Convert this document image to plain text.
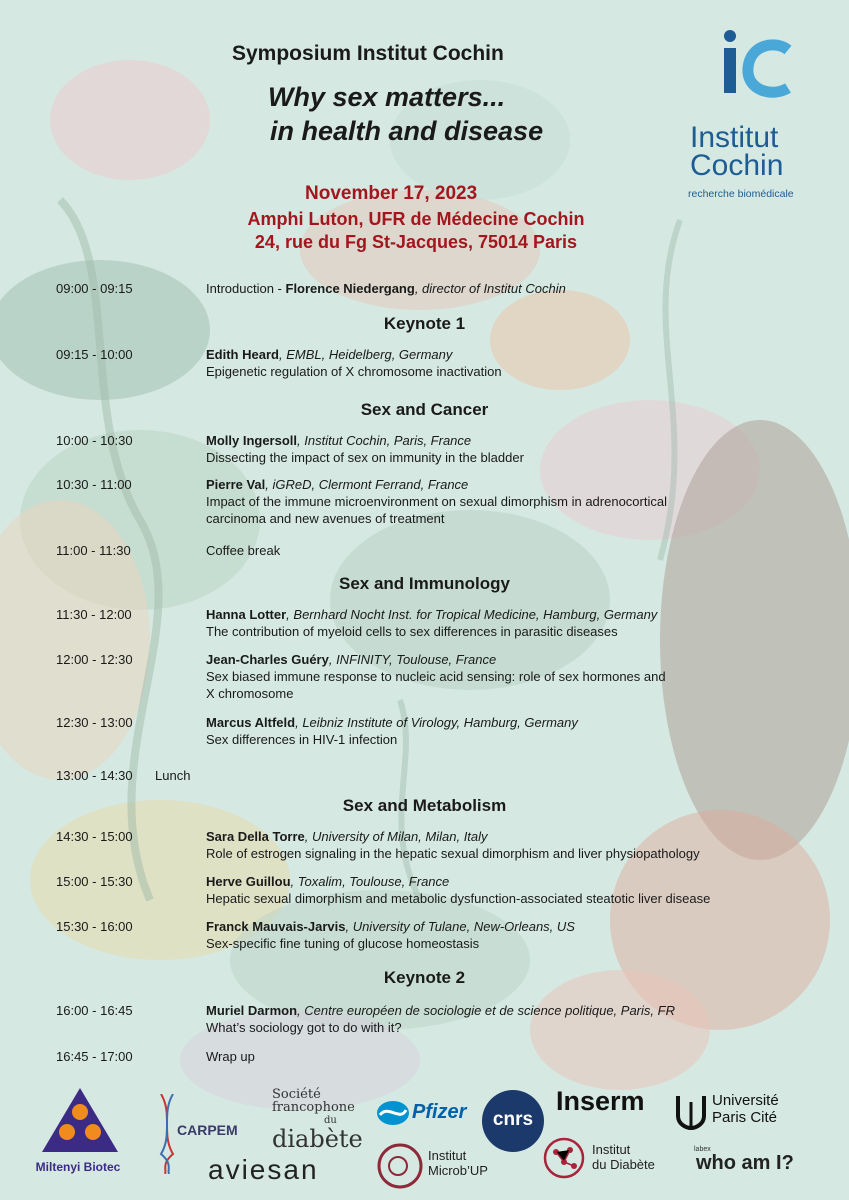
Symposium Institut Cochin
Why sex matters...
in health and disease
November 17, 2023
Amphi Luton, UFR de Médecine Cochin
24, rue du Fg St-Jacques, 75014 Paris
Institut
Cochin
recherche biomédicale
09:00 - 09:15	Introduction - Florence Niedergang, director of Institut Cochin
Keynote 1
09:15 - 10:00	Edith Heard, EMBL, Heidelberg, Germany
Epigenetic regulation of X chromosome inactivation
Sex and Cancer
10:00 - 10:30	Molly Ingersoll, Institut Cochin, Paris, France
Dissecting the impact of sex on immunity in the bladder
10:30 - 11:00	Pierre Val, iGReD, Clermont Ferrand, France
Impact of the immune microenvironment on sexual dimorphism in adrenocortical
carcinoma and new avenues of treatment
11:00 - 11:30	Coffee break
Sex and Immunology
11:30 - 12:00	Hanna Lotter, Bernhard Nocht Inst. for Tropical Medicine, Hamburg, Germany
The contribution of myeloid cells to sex differences in parasitic diseases
12:00 - 12:30	Jean-Charles Guéry, INFINITY, Toulouse, France
Sex biased immune response to nucleic acid sensing: role of sex hormones and
X chromosome
12:30 - 13:00	Marcus Altfeld, Leibniz Institute of Virology, Hamburg, Germany
Sex differences in HIV-1 infection
13:00 - 14:30 Lunch
Sex and Metabolism
14:30 - 15:00	Sara Della Torre, University of Milan, Milan, Italy
Role of estrogen signaling in the hepatic sexual dimorphism and liver physiopathology
15:00 - 15:30	Herve Guillou, Toxalim, Toulouse, France
Hepatic sexual dimorphism and metabolic dysfunction-associated steatotic liver disease
15:30 - 16:00	Franck Mauvais-Jarvis, University of Tulane, New-Orleans, US
Sex-specific fine tuning of glucose homeostasis
Keynote 2
16:00 - 16:45	Muriel Darmon, Centre européen de sociologie et de science politique, Paris, FR
What’s sociology got to do with it?
16:45 - 17:00	Wrap up
Miltenyi Biotec
CARPEM
Société
francophone
du
diabète
Pfizer	cnrs
Inserm	Université
Paris Cité
aviesan	Institut
Microb’UP
Institut
du Diabète
labex
who am I?
